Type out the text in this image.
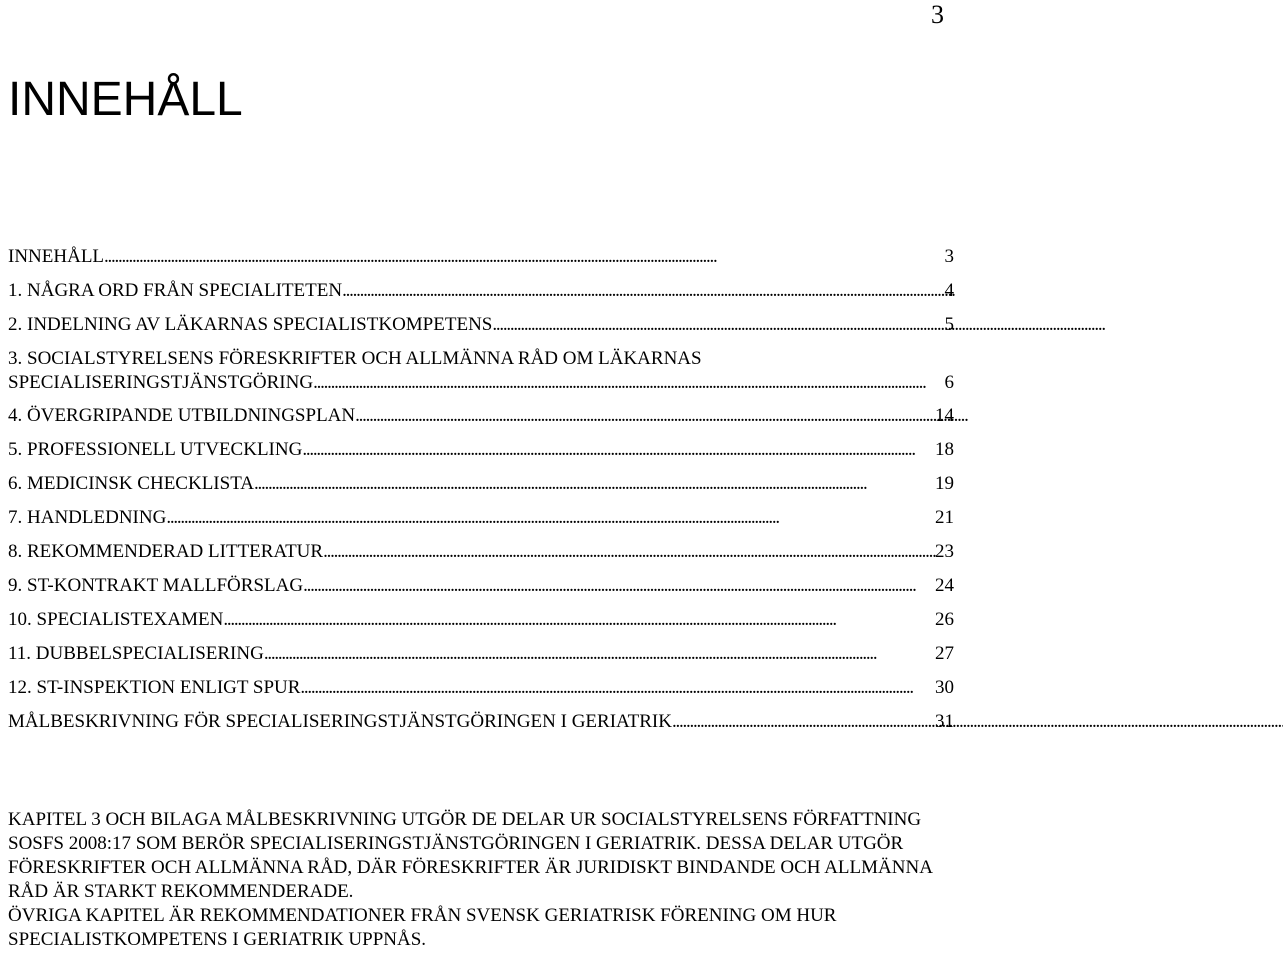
3
INNEHÅLL
INNEHÅLL . . .	3
1. NÅGRA ORD FRÅN SPECIALITETEN . . .	4
2. INDELNING AV LÄKARNAS SPECIALISTKOMPETENS . . .	5
3. SOCIALSTYRELSENS FÖRESKRIFTER OCH ALLMÄNNA RÅD OM LÄKARNAS
SPECIALISERINGSTJÄNSTGÖRING . . .	6
4. ÖVERGRIPANDE UTBILDNINGSPLAN . . .	14
5. PROFESSIONELL UTVECKLING . . .	18
6. MEDICINSK CHECKLISTA . . .	19
7. HANDLEDNING . . .	21
8. REKOMMENDERAD LITTERATUR . . .	23
9. ST-KONTRAKT MALLFÖRSLAG . . .	24
10. SPECIALISTEXAMEN . . .	26
11. DUBBELSPECIALISERING . . .	27
12. ST-INSPEKTION ENLIGT SPUR . . .	30
MÅLBESKRIVNING FÖR SPECIALISERINGSTJÄNSTGÖRINGEN I GERIATRIK . . .	31

KAPITEL 3 OCH BILAGA MÅLBESKRIVNING UTGÖR DE DELAR UR SOCIALSTYRELSENS FÖRFATTNING SOSFS 2008:17 SOM BERÖR SPECIALISERINGSTJÄNSTGÖRINGEN I GERIATRIK. DESSA DELAR UTGÖR FÖRESKRIFTER OCH ALLMÄNNA RÅD, DÄR FÖRESKRIFTER ÄR JURIDISKT BINDANDE OCH ALLMÄNNA RÅD ÄR STARKT REKOMMENDERADE.

ÖVRIGA KAPITEL ÄR REKOMMENDATIONER FRÅN SVENSK GERIATRISK FÖRENING OM HUR SPECIALISTKOMPETENS I GERIATRIK UPPNÅS.
